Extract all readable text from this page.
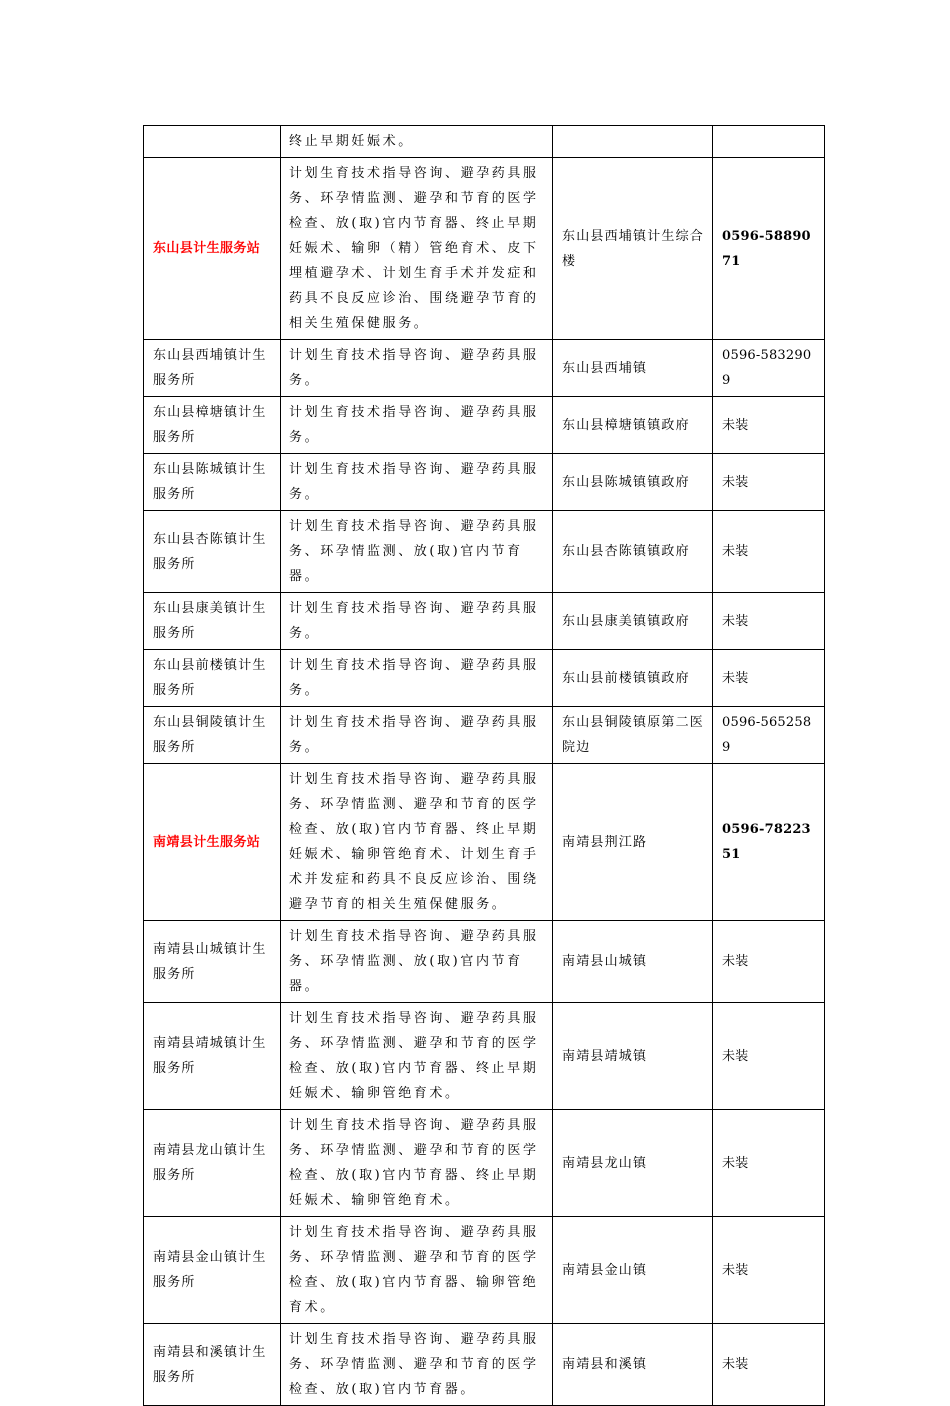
	终止早期妊娠术。		
东山县计生服务站	计划生育技术指导咨询、避孕药具服务、环孕情监测、避孕和节育的医学检查、放(取)官内节育器、终止早期妊娠术、输卵（精）管绝育术、皮下埋植避孕术、计划生育手术并发症和药具不良反应诊治、围绕避孕节育的相关生殖保健服务。	东山县西埔镇计生综合楼	0596-5889071
东山县西埔镇计生服务所	计划生育技术指导咨询、避孕药具服务。	东山县西埔镇	0596-5832909
东山县樟塘镇计生服务所	计划生育技术指导咨询、避孕药具服务。	东山县樟塘镇镇政府	未装
东山县陈城镇计生服务所	计划生育技术指导咨询、避孕药具服务。	东山县陈城镇镇政府	未装
东山县杏陈镇计生服务所	计划生育技术指导咨询、避孕药具服务、环孕情监测、放(取)官内节育器。	东山县杏陈镇镇政府	未装
东山县康美镇计生服务所	计划生育技术指导咨询、避孕药具服务。	东山县康美镇镇政府	未装
东山县前楼镇计生服务所	计划生育技术指导咨询、避孕药具服务。	东山县前楼镇镇政府	未装
东山县铜陵镇计生服务所	计划生育技术指导咨询、避孕药具服务。	东山县铜陵镇原第二医院边	0596-5652589
南靖县计生服务站	计划生育技术指导咨询、避孕药具服务、环孕情监测、避孕和节育的医学检查、放(取)官内节育器、终止早期妊娠术、输卵管绝育术、计划生育手术并发症和药具不良反应诊治、围绕避孕节育的相关生殖保健服务。	南靖县荆江路	0596-7822351
南靖县山城镇计生服务所	计划生育技术指导咨询、避孕药具服务、环孕情监测、放(取)官内节育器。	南靖县山城镇	未装
南靖县靖城镇计生服务所	计划生育技术指导咨询、避孕药具服务、环孕情监测、避孕和节育的医学检查、放(取)官内节育器、终止早期妊娠术、输卵管绝育术。	南靖县靖城镇	未装
南靖县龙山镇计生服务所	计划生育技术指导咨询、避孕药具服务、环孕情监测、避孕和节育的医学检查、放(取)官内节育器、终止早期妊娠术、输卵管绝育术。	南靖县龙山镇	未装
南靖县金山镇计生服务所	计划生育技术指导咨询、避孕药具服务、环孕情监测、避孕和节育的医学检查、放(取)官内节育器、输卵管绝育术。	南靖县金山镇	未装
南靖县和溪镇计生服务所	计划生育技术指导咨询、避孕药具服务、环孕情监测、避孕和节育的医学检查、放(取)官内节育器。	南靖县和溪镇	未装
